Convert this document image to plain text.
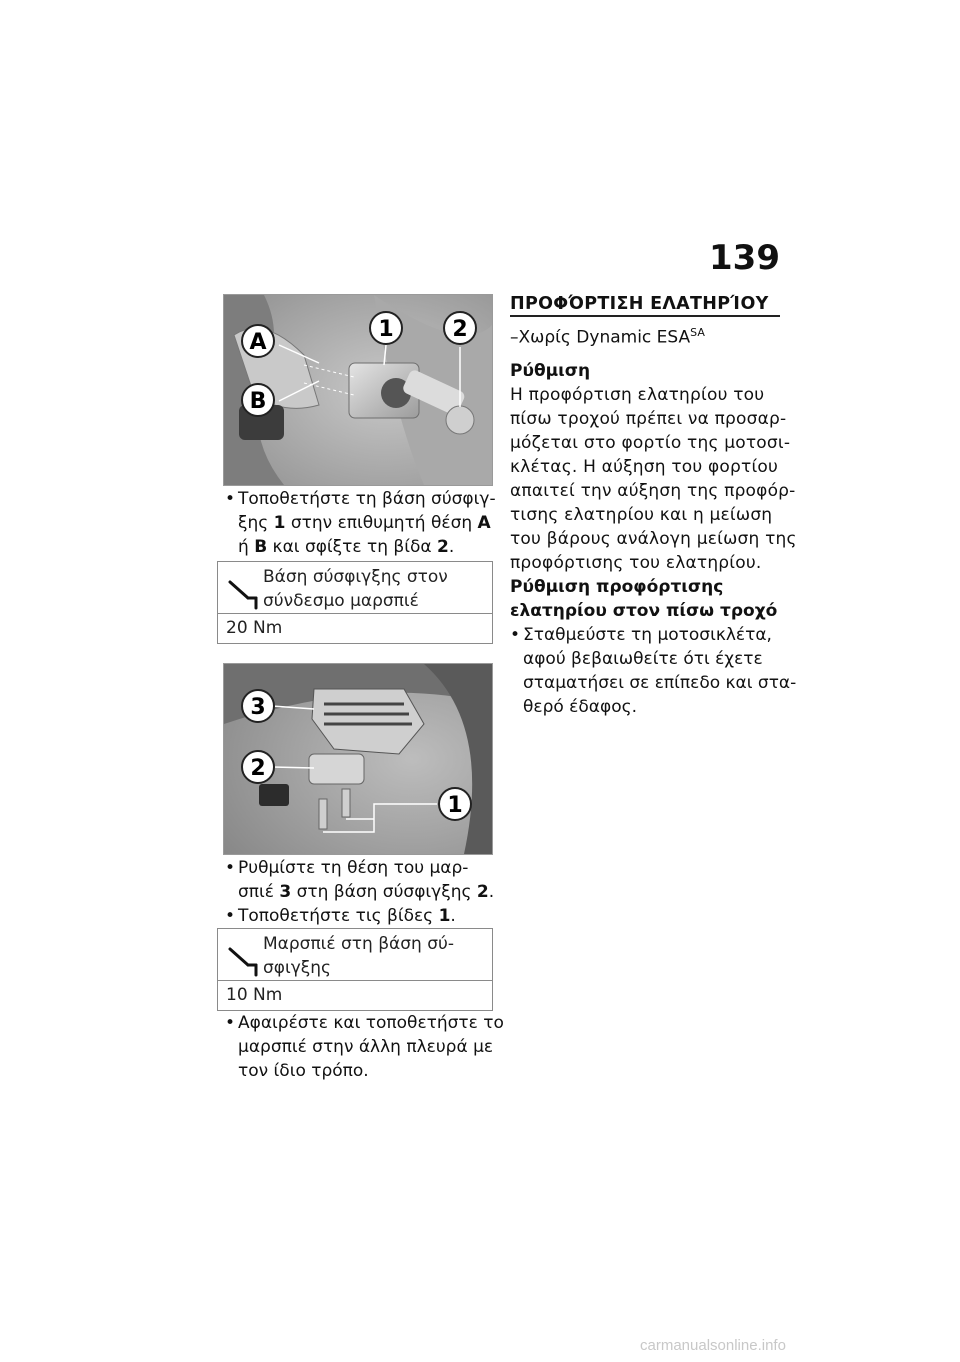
139
A
B
1	2
• Τοποθετήστε τη βάση σύσφιγ-
ξης 1 στην επιθυμητή θέση A
ή B και σφίξτε τη βίδα 2.
Βάση σύσφιγξης στον
σύνδεσμο μαρσπιέ
20 Nm
3
2
1
• Ρυθμίστε τη θέση του μαρ-
σπιέ 3 στη βάση σύσφιγξης 2.
• Τοποθετήστε τις βίδες 1.
Μαρσπιέ στη βάση σύ-
σφιγξης
10 Nm
• Αφαιρέστε και τοποθετήστε το
μαρσπιέ στην άλλη πλευρά με
τον ίδιο τρόπο.
ΠΡΟΦΌΡΤΙΣΗ ΕΛΑΤΗΡΊΟΥ
–Χωρίς Dynamic $ESA^{SA}$
Ρύθμιση
Η προφόρτιση ελατηρίου του
πίσω τροχού πρέπει να προσαρ-
μόζεται στο φορτίο της μοτοσι-
κλέτας. Η αύξηση του φορτίου
απαιτεί την αύξηση της προφόρ-
τισης ελατηρίου και η μείωση
του βάρους ανάλογη μείωση της
προφόρτισης του ελατηρίου.
Ρύθμιση προφόρτισης
ελατηρίου στον πίσω τροχό
• Σταθμεύστε τη μοτοσικλέτα,
αφού βεβαιωθείτε ότι έχετε
σταματήσει σε επίπεδο και στα-
θερό έδαφος.
carmanualsonline.info
